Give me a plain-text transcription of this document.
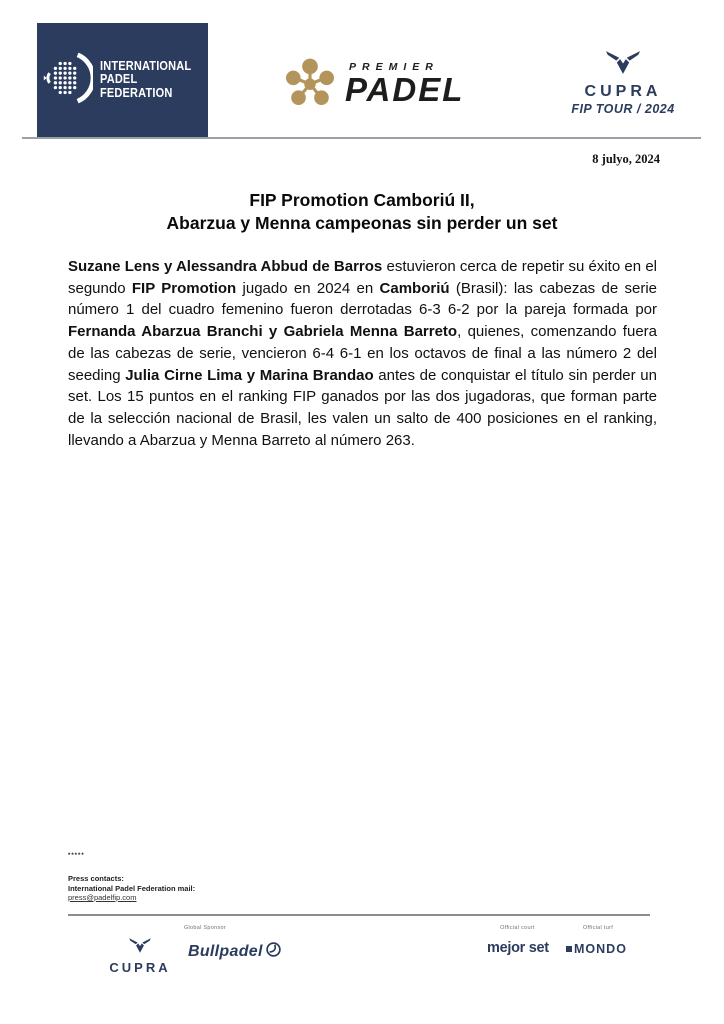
INTERNATIONAL
PADEL
FEDERATION
PREMIER
PADEL	CUPRA
FIP TOUR / 2024
8 julyo, 2024
FIP Promotion Camboriú II,
Abarzua y Menna campeonas sin perder un set

Suzane Lens y Alessandra Abbud de Barros estuvieron cerca de repetir su éxito en el segundo FIP Promotion jugado en 2024 en Camboriú (Brasil): las cabezas de serie número 1 del cuadro femenino fueron derrotadas 6-3 6-2 por la pareja formada por Fernanda Abarzua Branchi y Gabriela Menna Barreto, quienes, comenzando fuera de las cabezas de serie, vencieron 6-4 6-1 en los octavos de final a las número 2 del seeding Julia Cirne Lima y Marina Brandao antes de conquistar el título sin perder un set. Los 15 puntos en el ranking FIP ganados por las dos jugadoras, que forman parte de la selección nacional de Brasil, les valen un salto de 400 posiciones en el ranking, llevando a Abarzua y Menna Barreto al número 263.

*****
Press contacts:
International Padel Federation mail:
press@padelfip.com
Global Sponsor	Official court	Official turf
CUPRA
Bullpadel	mejor set MONDO
